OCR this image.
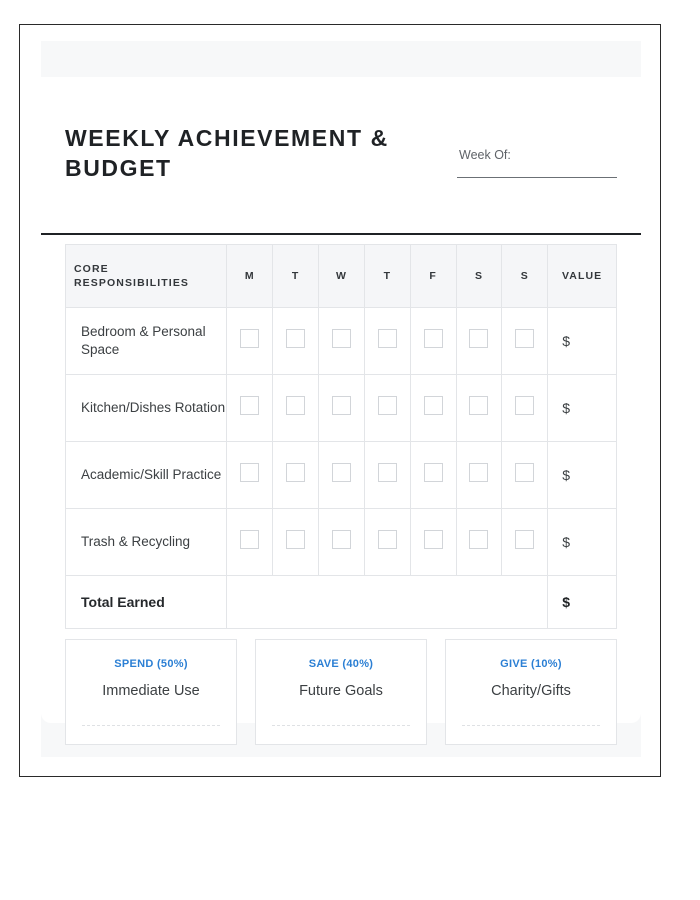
WEEKLY ACHIEVEMENT & BUDGET	Week Of:
CORE RESPONSIBILITIES	M	T	W	T	F	S	S	VALUE
Bedroom & Personal Space								$
Kitchen/Dishes Rotation								$
Academic/Skill Practice								$
Trash & Recycling								$
Total Earned								$
SPEND (50%)
Immediate Use
SAVE (40%)
Future Goals
GIVE (10%)
Charity/Gifts
